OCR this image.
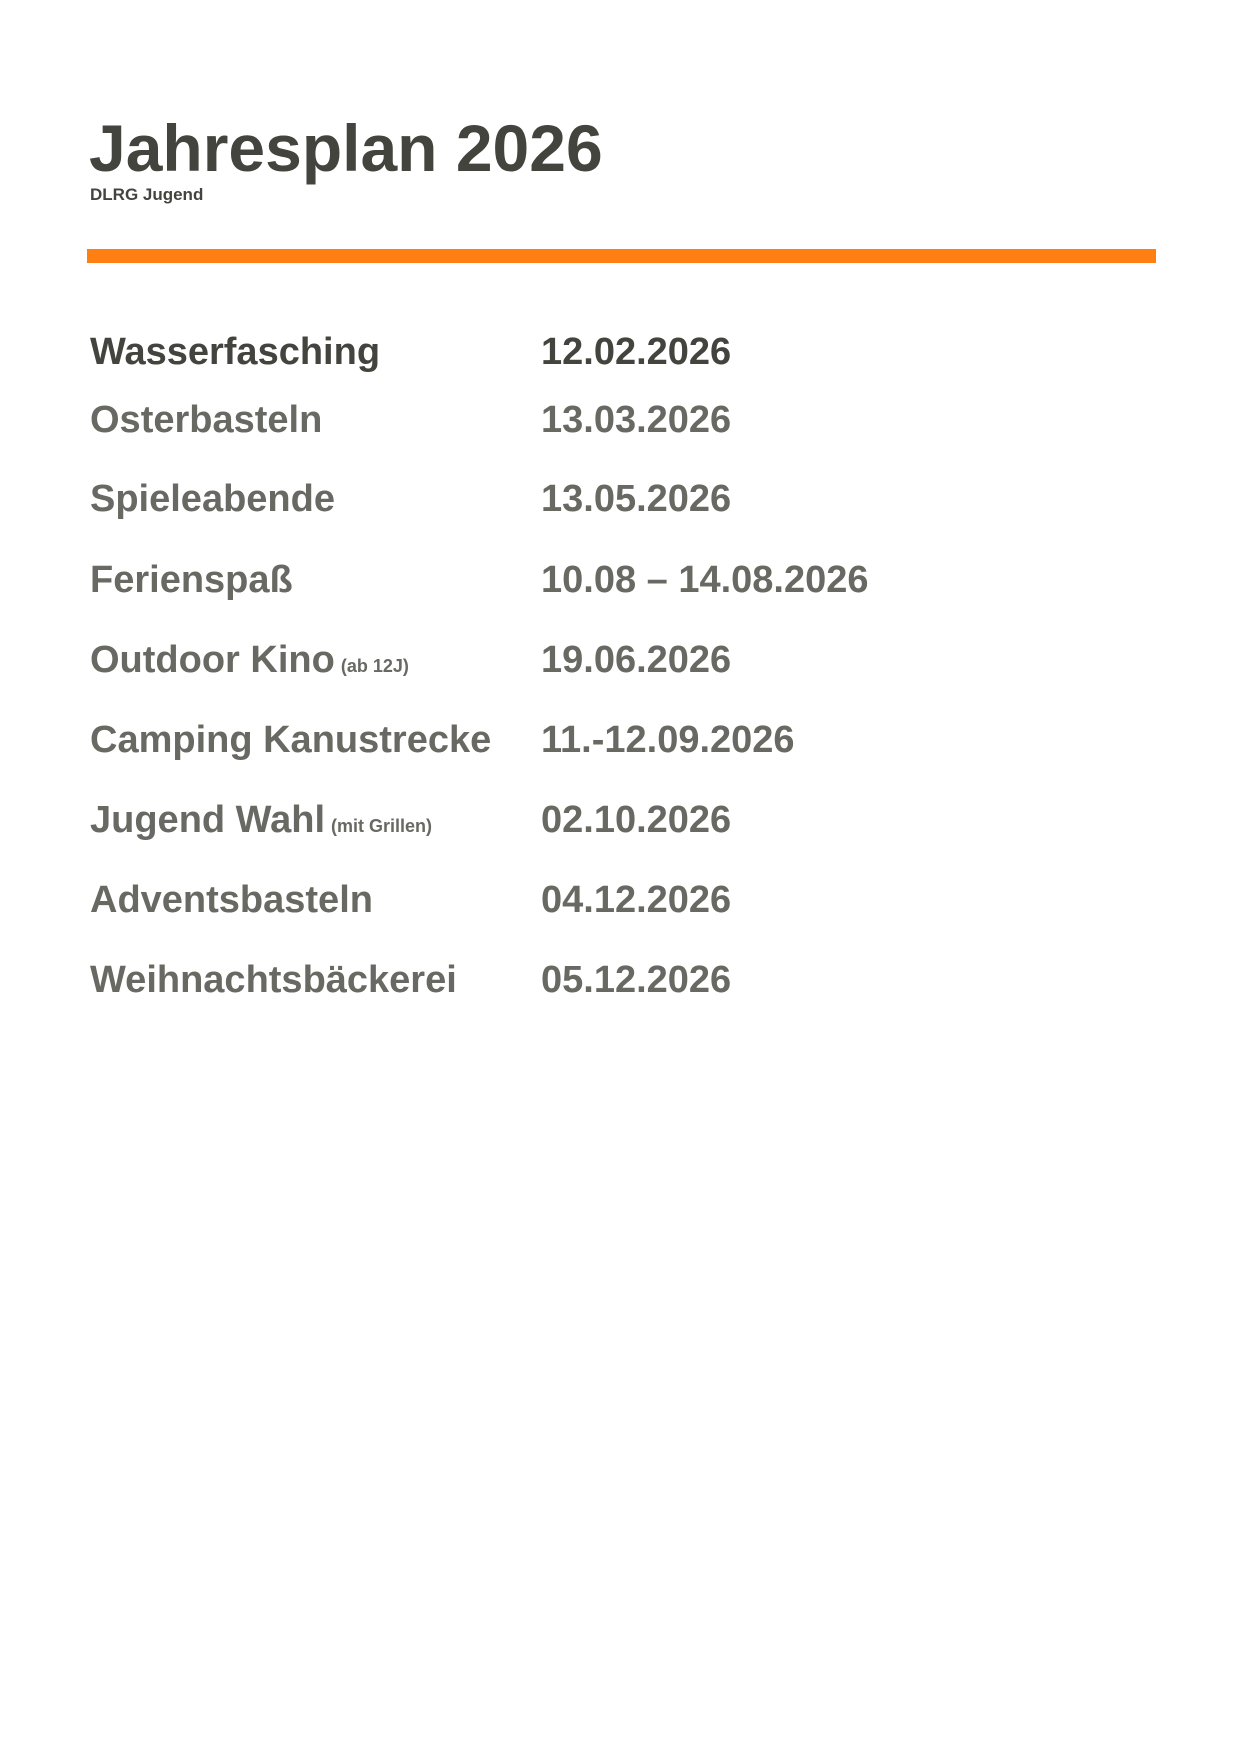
Jahresplan 2026

DLRG Jugend

Wasserfasching	12.02.2026
Osterbasteln	13.03.2026
Spieleabende	13.05.2026
Ferienspaß	10.08 – 14.08.2026
Outdoor Kino (ab 12J)	19.06.2026
Camping Kanustrecke 11.-12.09.2026
Jugend Wahl (mit Grillen)	02.10.2026
Adventsbasteln	04.12.2026
Weihnachtsbäckerei 05.12.2026
